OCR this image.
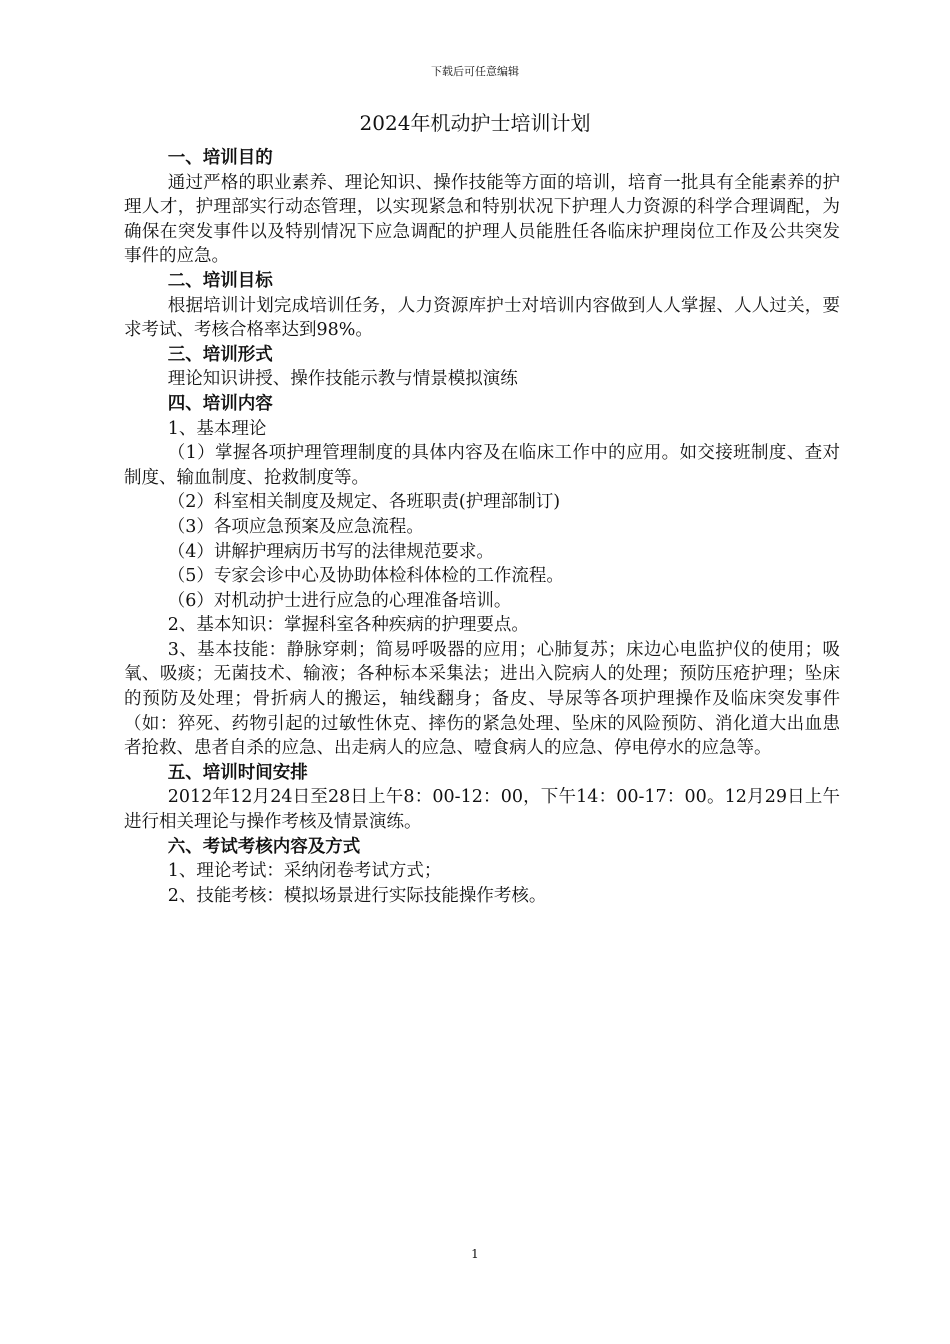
下载后可任意编辑
2024年机动护士培训计划

一、培训目的

通过严格的职业素养、理论知识、操作技能等方面的培训，培育一批具有全能素养的护理人才，护理部实行动态管理，以实现紧急和特别状况下护理人力资源的科学合理调配，为确保在突发事件以及特别情况下应急调配的护理人员能胜任各临床护理岗位工作及公共突发事件的应急。

二、培训目标

根据培训计划完成培训任务，人力资源库护士对培训内容做到人人掌握、人人过关，要求考试、考核合格率达到98%。

三、培训形式

理论知识讲授、操作技能示教与情景模拟演练

四、培训内容

1、基本理论

（1）掌握各项护理管理制度的具体内容及在临床工作中的应用。如交接班制度、查对制度、输血制度、抢救制度等。

（2）科室相关制度及规定、各班职责(护理部制订)

（3）各项应急预案及应急流程。

（4）讲解护理病历书写的法律规范要求。

（5）专家会诊中心及协助体检科体检的工作流程。

（6）对机动护士进行应急的心理准备培训。

2、基本知识：掌握科室各种疾病的护理要点。

3、基本技能：静脉穿刺；简易呼吸器的应用；心肺复苏；床边心电监护仪的使用；吸氧、吸痰；无菌技术、输液；各种标本采集法；进出入院病人的处理；预防压疮护理；坠床的预防及处理；骨折病人的搬运，轴线翻身；备皮、导尿等各项护理操作及临床突发事件（如：猝死、药物引起的过敏性休克、摔伤的紧急处理、坠床的风险预防、消化道大出血患者抢救、患者自杀的应急、出走病人的应急、噎食病人的应急、停电停水的应急等。

五、培训时间安排

2012年12月24日至28日上午8：00-12：00，下午14：00-17：00。12月29日上午进行相关理论与操作考核及情景演练。

六、考试考核内容及方式

1、理论考试：采纳闭卷考试方式；

2、技能考核：模拟场景进行实际技能操作考核。

1
